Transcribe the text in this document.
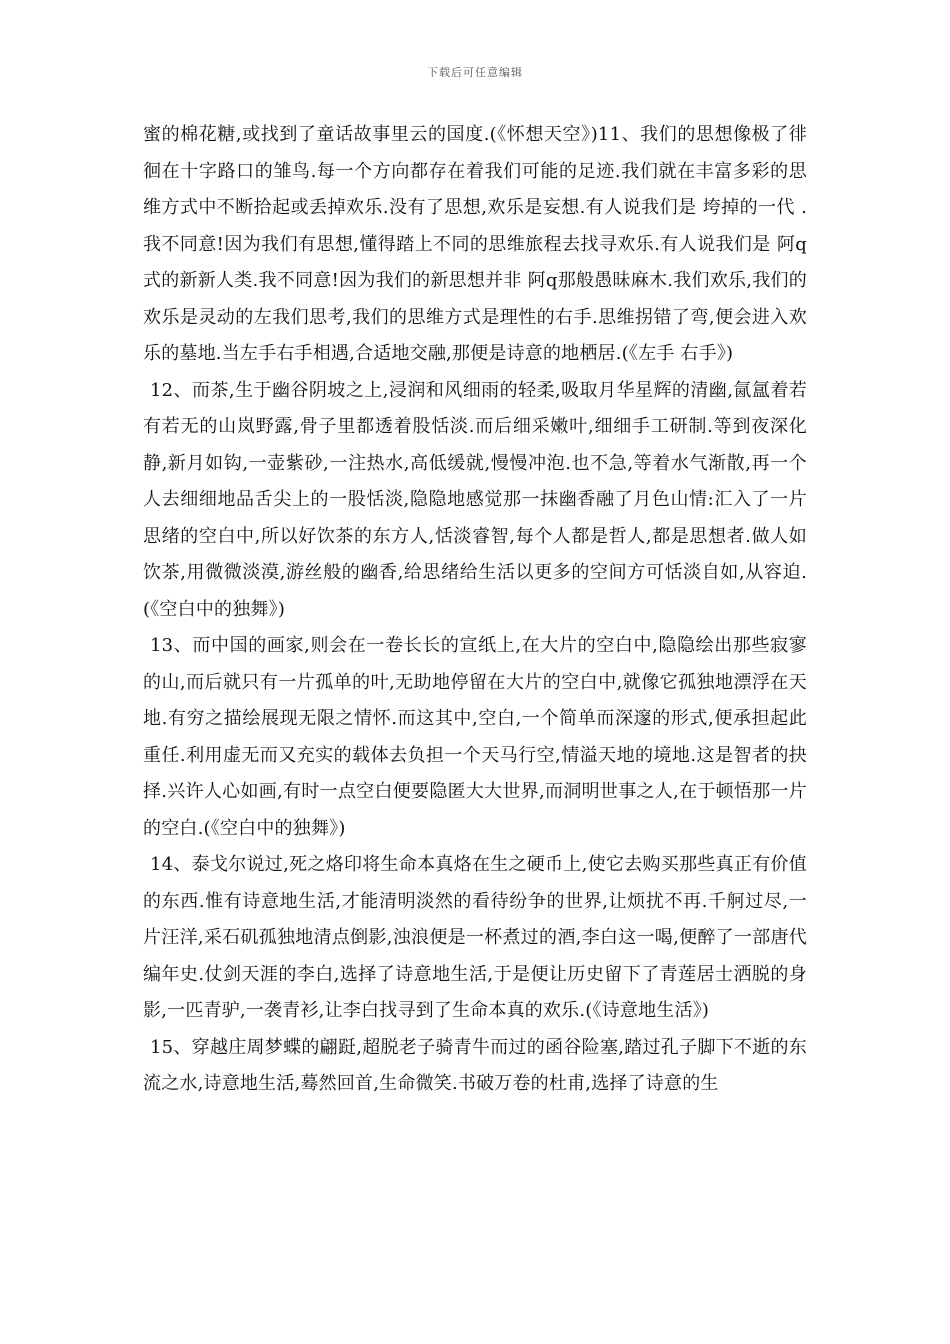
下载后可任意编辑

蜜的棉花糖,或找到了童话故事里云的国度.(《怀想天空》)11、我们的思想像极了徘徊在十字路口的雏鸟.每一个方向都存在着我们可能的足迹.我们就在丰富多彩的思维方式中不断拾起或丢掉欢乐.没有了思想,欢乐是妄想.有人说我们是 垮掉的一代 .我不同意!因为我们有思想,懂得踏上不同的思维旅程去找寻欢乐.有人说我们是 阿q 式的新新人类.我不同意!因为我们的新思想并非 阿q那般愚昧麻木.我们欢乐,我们的欢乐是灵动的左我们思考,我们的思维方式是理性的右手.思维拐错了弯,便会进入欢乐的墓地.当左手右手相遇,合适地交融,那便是诗意的地栖居.(《左手 右手》)

12、而茶,生于幽谷阴坡之上,浸润和风细雨的轻柔,吸取月华星辉的清幽,氤氲着若有若无的山岚野露,骨子里都透着股恬淡.而后细采嫩叶,细细手工研制.等到夜深化静,新月如钩,一壶紫砂,一注热水,高低缓就,慢慢冲泡.也不急,等着水气渐散,再一个人去细细地品舌尖上的一股恬淡,隐隐地感觉那一抹幽香融了月色山情:汇入了一片思绪的空白中,所以好饮茶的东方人,恬淡睿智,每个人都是哲人,都是思想者.做人如饮茶,用微微淡漠,游丝般的幽香,给思绪给生活以更多的空间方可恬淡自如,从容迫. (《空白中的独舞》)

13、而中国的画家,则会在一卷长长的宣纸上,在大片的空白中,隐隐绘出那些寂寥的山,而后就只有一片孤单的叶,无助地停留在大片的空白中,就像它孤独地漂浮在天地.有穷之描绘展现无限之情怀.而这其中,空白,一个简单而深邃的形式,便承担起此重任.利用虚无而又充实的载体去负担一个天马行空,情溢天地的境地.这是智者的抉择.兴许人心如画,有时一点空白便要隐匿大大世界,而洞明世事之人,在于顿悟那一片的空白.(《空白中的独舞》)

14、泰戈尔说过,死之烙印将生命本真烙在生之硬币上,使它去购买那些真正有价值的东西.惟有诗意地生活,才能清明淡然的看待纷争的世界,让烦扰不再.千舸过尽,一片汪洋,采石矶孤独地清点倒影,浊浪便是一杯煮过的酒,李白这一喝,便醉了一部唐代编年史.仗剑天涯的李白,选择了诗意地生活,于是便让历史留下了青莲居士洒脱的身影,一匹青驴,一袭青衫,让李白找寻到了生命本真的欢乐.(《诗意地生活》)

15、穿越庄周梦蝶的翩跹,超脱老子骑青牛而过的函谷险塞,踏过孔子脚下不逝的东流之水,诗意地生活,蓦然回首,生命微笑.书破万卷的杜甫,选择了诗意的生
